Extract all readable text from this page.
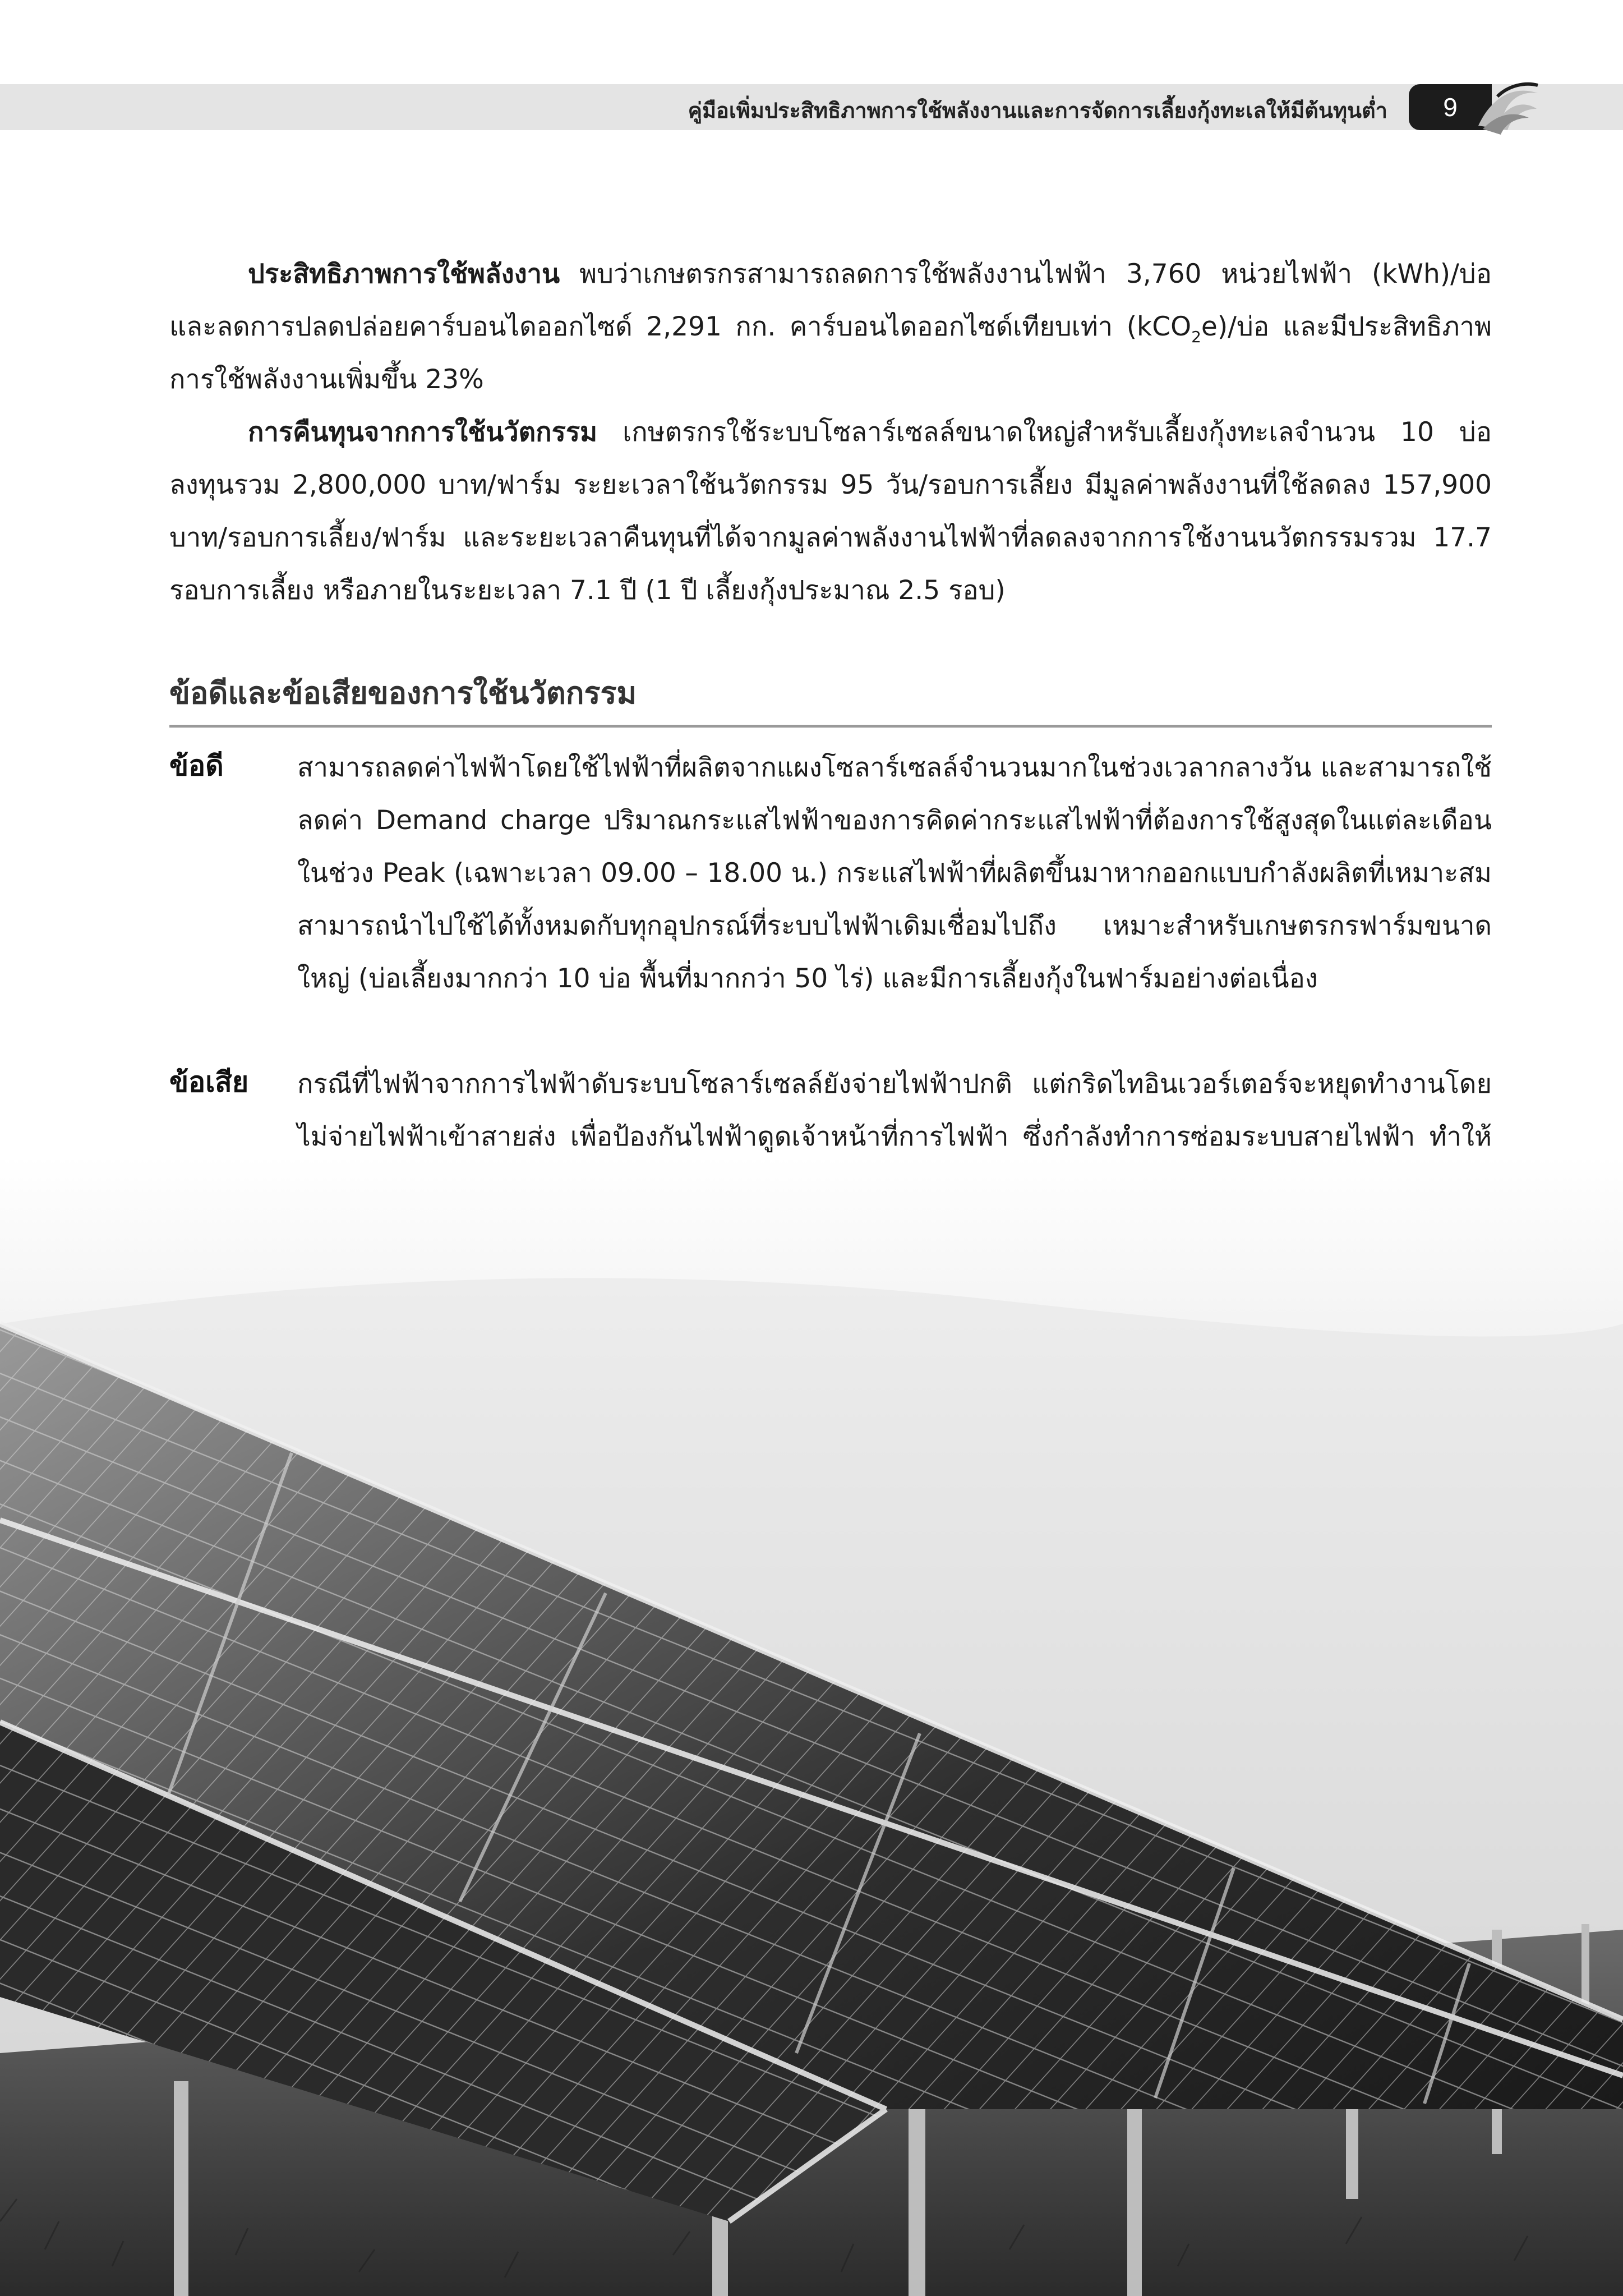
คู่มือเพิ่มประสิทธิภาพการใช้พลังงานและการจัดการเลี้ยงกุ้งทะเลให้มีต้นทุนต่ำ	9

ประสิทธิภาพการใช้พลังงาน พบว่าเกษตรกรสามารถลดการใช้พลังงานไฟฟ้า 3,760 หน่วยไฟฟ้า (kWh)/บ่อ และลดการปลดปล่อยคาร์บอนไดออกไซด์ 2,291 กก. คาร์บอนไดออกไซด์เทียบเท่า (kCO$_2$e)/บ่อ และมีประสิทธิภาพการใช้พลังงานเพิ่มขึ้น 23%

การคืนทุนจากการใช้นวัตกรรม เกษตรกรใช้ระบบโซลาร์เซลล์ขนาดใหญ่สำหรับเลี้ยงกุ้งทะเลจำนวน 10 บ่อ ลงทุนรวม 2,800,000 บาท/ฟาร์ม ระยะเวลาใช้นวัตกรรม 95 วัน/รอบการเลี้ยง มีมูลค่าพลังงานที่ใช้ลดลง 157,900 บาท/รอบการเลี้ยง/ฟาร์ม และระยะเวลาคืนทุนที่ได้จากมูลค่าพลังงานไฟฟ้าที่ลดลงจากการใช้งานนวัตกรรมรวม 17.7 รอบการเลี้ยง หรือภายในระยะเวลา 7.1 ปี (1 ปี เลี้ยงกุ้งประมาณ 2.5 รอบ)

ข้อดีและข้อเสียของการใช้นวัตกรรม
ข้อดี	สามารถลดค่าไฟฟ้าโดยใช้ไฟฟ้าที่ผลิตจากแผงโซลาร์เซลล์จำนวนมากในช่วงเวลากลางวัน และสามารถใช้ลดค่า Demand charge ปริมาณกระแสไฟฟ้าของการคิดค่ากระแสไฟฟ้าที่ต้องการใช้สูงสุดในแต่ละเดือน ในช่วง Peak (เฉพาะเวลา 09.00 – 18.00 น.) กระแสไฟฟ้าที่ผลิตขึ้นมาหากออกแบบกำลังผลิตที่เหมาะสมสามารถนำไปใช้ได้ทั้งหมดกับทุกอุปกรณ์ที่ระบบไฟฟ้าเดิมเชื่อมไปถึง เหมาะสำหรับเกษตรกรฟาร์มขนาดใหญ่ (บ่อเลี้ยงมากกว่า 10 บ่อ พื้นที่มากกว่า 50 ไร่) และมีการเลี้ยงกุ้งในฟาร์มอย่างต่อเนื่อง

ข้อเสีย กรณีที่ไฟฟ้าจากการไฟฟ้าดับระบบโซลาร์เซลล์ยังจ่ายไฟฟ้าปกติ แต่กริดไทอินเวอร์เตอร์จะหยุดทำงานโดยไม่จ่ายไฟฟ้าเข้าสายส่ง เพื่อป้องกันไฟฟ้าดูดเจ้าหน้าที่การไฟฟ้า ซึ่งกำลังทำการซ่อมระบบสายไฟฟ้า ทำให้
